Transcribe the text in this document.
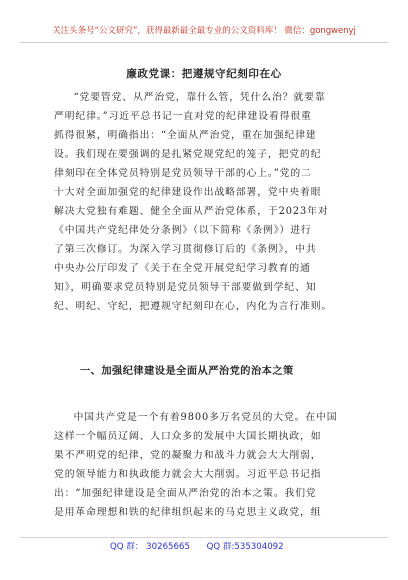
关注头条号“公文研究”，获得最新最全最专业的公文资料库！ 微信：gongwenyj
廉政党课：把遵规守纪刻印在心
“党要管党、从严治党，靠什么管，凭什么治？就要靠
严明纪律。”习近平总书记一直对党的纪律建设看得很重
抓得很紧，明确指出：“全面从严治党，重在加强纪律建
设。我们现在要强调的是扎紧党规党纪的笼子，把党的纪
律刻印在全体党员特别是党员领导干部的心上。”党的二
十大对全面加强党的纪律建设作出战略部署，党中央着眼
解决大党独有难题、健全全面从严治党体系，于2023年对
《中国共产党纪律处分条例》（以下简称《条例》）进行
了第三次修订。为深入学习贯彻修订后的《条例》，中共
中央办公厅印发了《关于在全党开展党纪学习教育的通
知》，明确要求党员特别是党员领导干部要做到学纪、知
纪、明纪、守纪，把遵规守纪刻印在心，内化为言行准则。
一、加强纪律建设是全面从严治党的治本之策
中国共产党是一个有着9800多万名党员的大党。在中国
这样一个幅员辽阔、人口众多的发展中大国长期执政，如
果不严明党的纪律，党的凝聚力和战斗力就会大大削弱，
党的领导能力和执政能力就会大大削弱。习近平总书记指
出：“加强纪律建设是全面从严治党的治本之策。我们党
是用革命理想和铁的纪律组织起来的马克思主义政党，组
QQ 群： 30265665 QQ 群:535304092
